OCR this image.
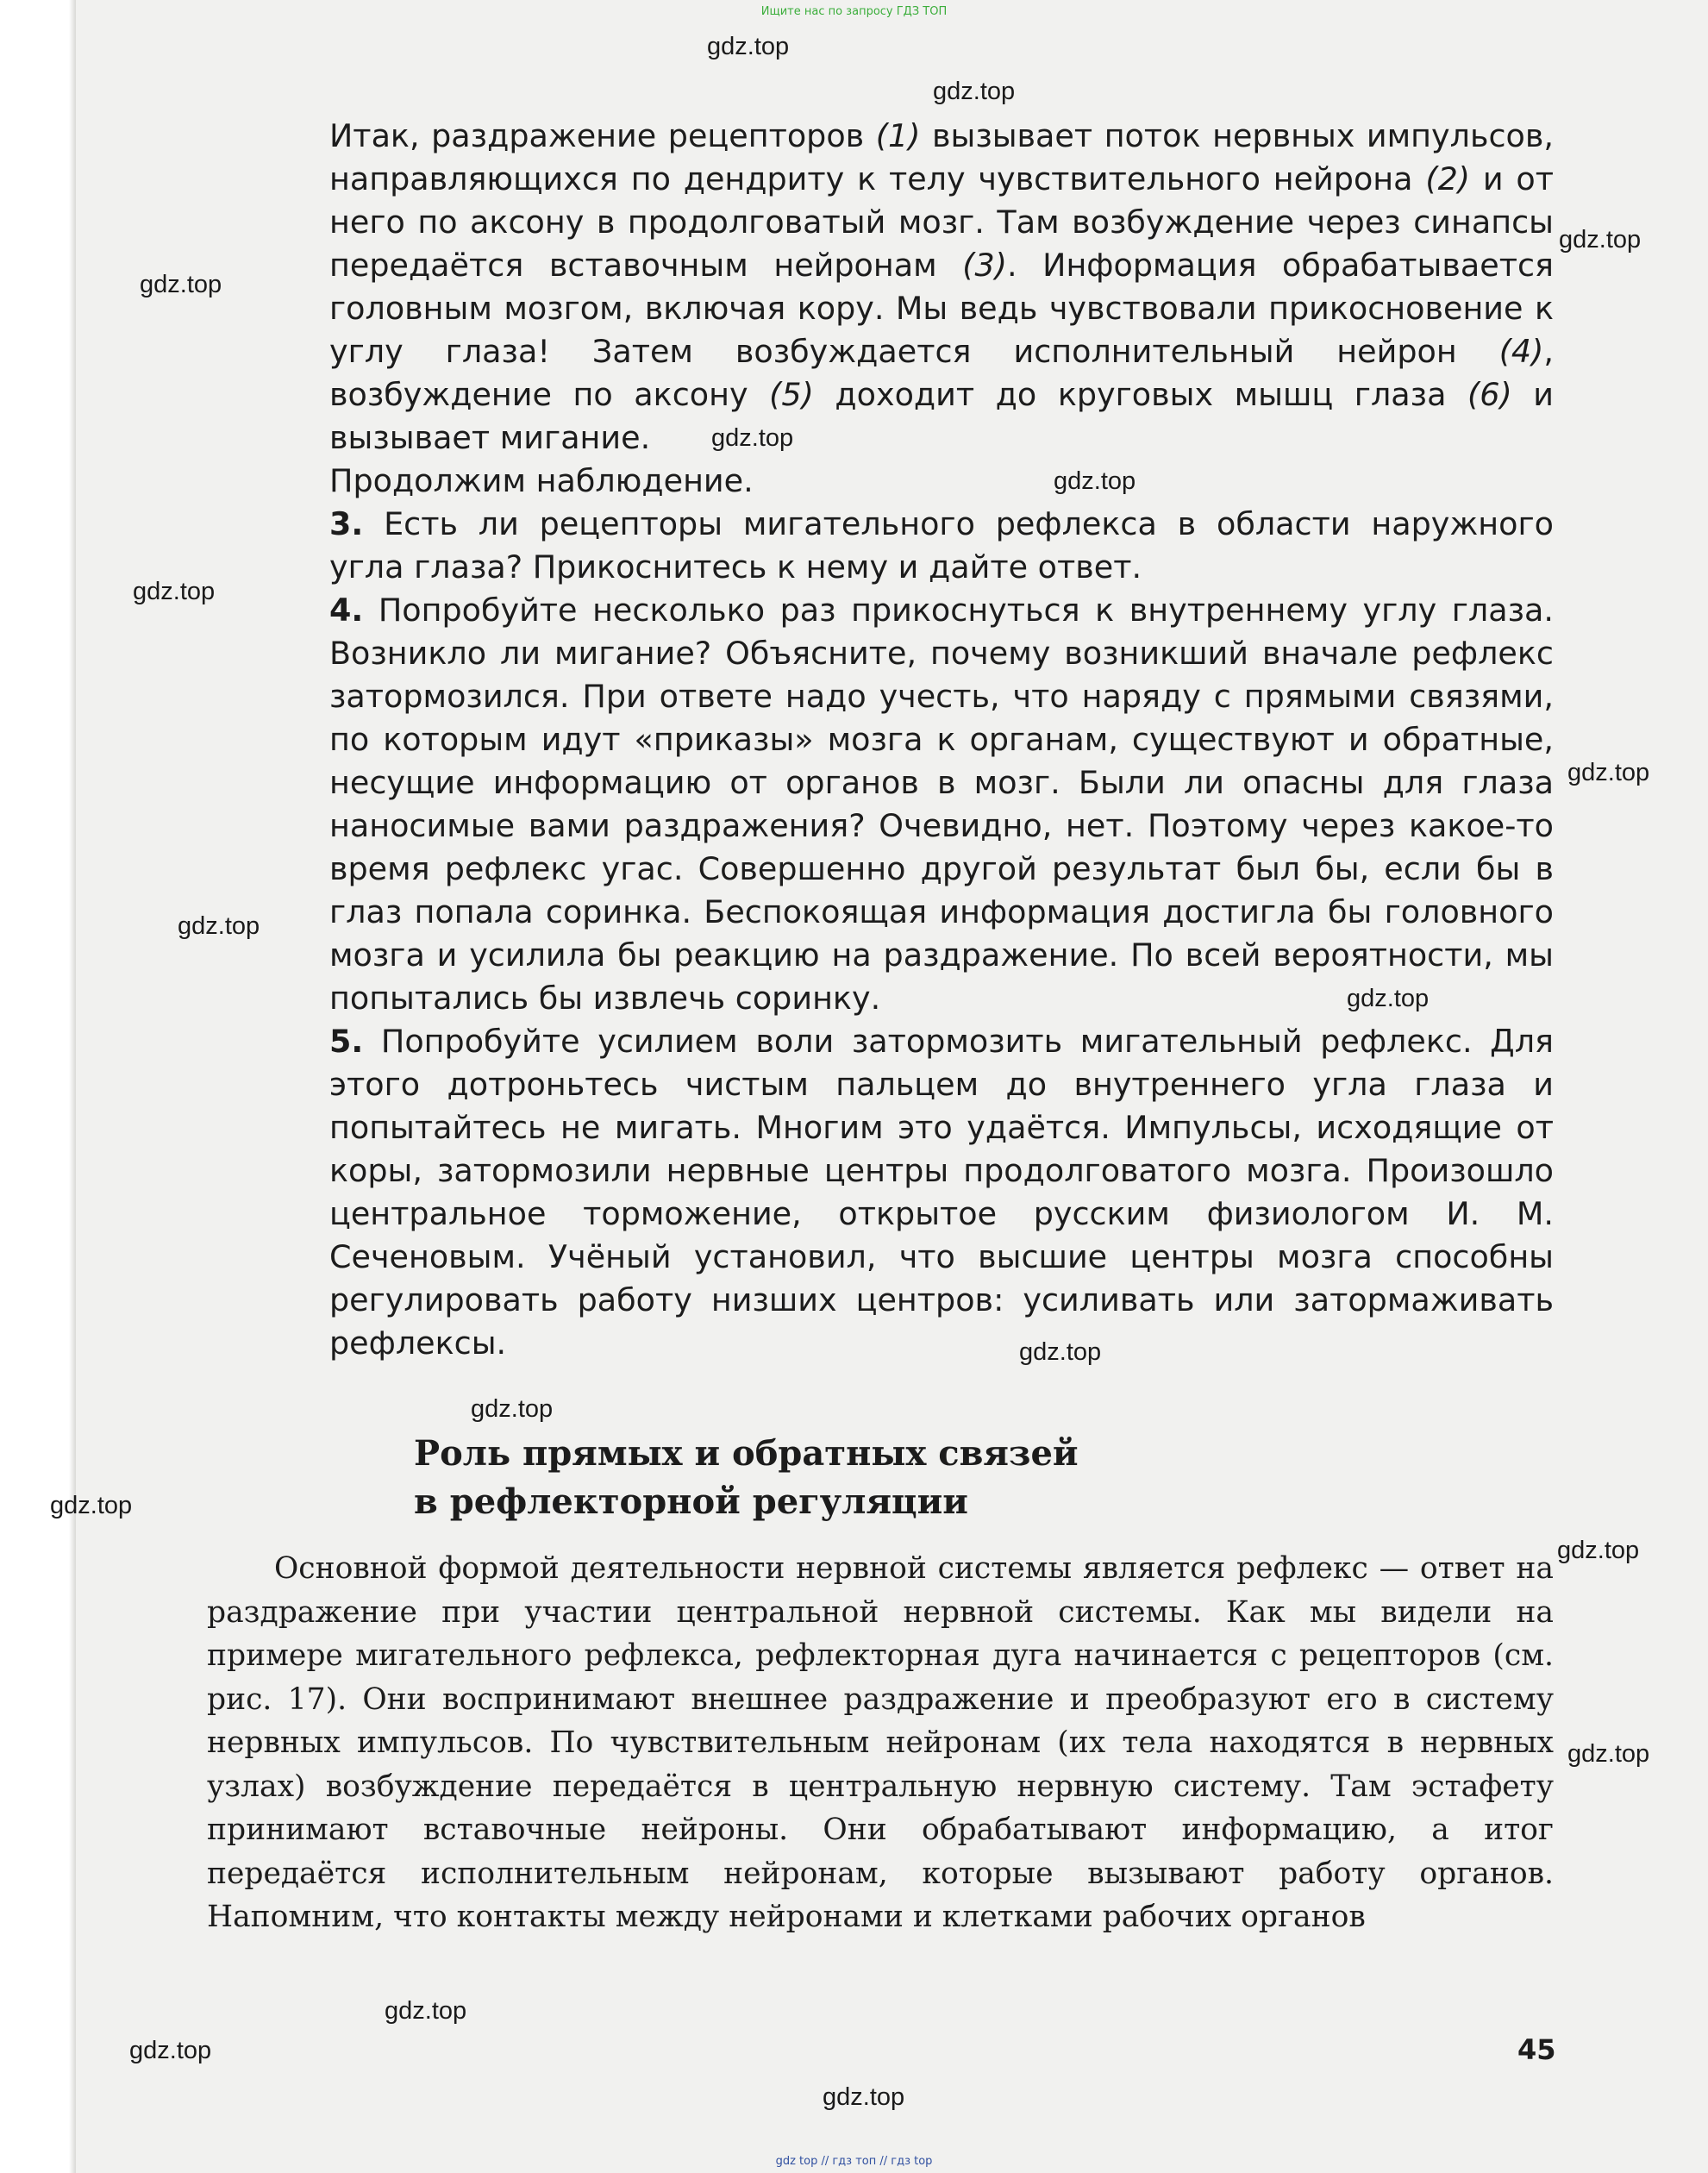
Ищите нас по запросу ГДЗ ТОП

Итак, раздражение рецепторов (1) вызывает поток нервных импульсов, направляющихся по дендриту к телу чувствительного нейрона (2) и от него по аксону в продолговатый мозг. Там возбуждение через синапсы передаётся вставочным нейронам (3). Информация обрабатывается головным мозгом, включая кору. Мы ведь чувствовали прикосновение к углу глаза! Затем возбуждается исполнительный нейрон (4), возбуждение по аксону (5) доходит до круговых мышц глаза (6) и вызывает мигание.

Продолжим наблюдение.

3. Есть ли рецепторы мигательного рефлекса в области наружного угла глаза? Прикоснитесь к нему и дайте ответ.

4. Попробуйте несколько раз прикоснуться к внутреннему углу глаза. Возникло ли мигание? Объясните, почему возникший вначале рефлекс затормозился. При ответе надо учесть, что наряду с прямыми связями, по которым идут «приказы» мозга к органам, существуют и обратные, несущие информацию от органов в мозг. Были ли опасны для глаза наносимые вами раздражения? Очевидно, нет. Поэтому через какое-то время рефлекс угас. Совершенно другой результат был бы, если бы в глаз попала соринка. Беспокоящая информация достигла бы головного мозга и усилила бы реакцию на раздражение. По всей вероятности, мы попытались бы извлечь соринку.

5. Попробуйте усилием воли затормозить мигательный рефлекс. Для этого дотроньтесь чистым пальцем до внутреннего угла глаза и попытайтесь не мигать. Многим это удаётся. Импульсы, исходящие от коры, затормозили нервные центры продолговатого мозга. Произошло центральное торможение, открытое русским физиологом И. М. Сеченовым. Учёный установил, что высшие центры мозга способны регулировать работу низших центров: усиливать или затормаживать рефлексы.

Роль прямых и обратных связей
в рефлекторной регуляции

Основной формой деятельности нервной системы является рефлекс — ответ на раздражение при участии центральной нервной системы. Как мы видели на примере мигательного рефлекса, рефлекторная дуга начинается с рецепторов (см. рис. 17). Они воспринимают внешнее раздражение и преобразуют его в систему нервных импульсов. По чувствительным нейронам (их тела находятся в нервных узлах) возбуждение передаётся в центральную нервную систему. Там эстафету принимают вставочные нейроны. Они обрабатывают информацию, а итог передаётся исполнительным нейронам, которые вызывают работу органов. Напомним, что контакты между нейронами и клетками рабочих органов

45
gdz.top
gdz.top
gdz.top
gdz.top
gdz.top
gdz.top
gdz.top
gdz.top
gdz.top
gdz.top
gdz.top
gdz.top
gdz.top
gdz.top
gdz.top
gdz.top
gdz.top
gdz.top
gdz top // гдз топ // гдз top
